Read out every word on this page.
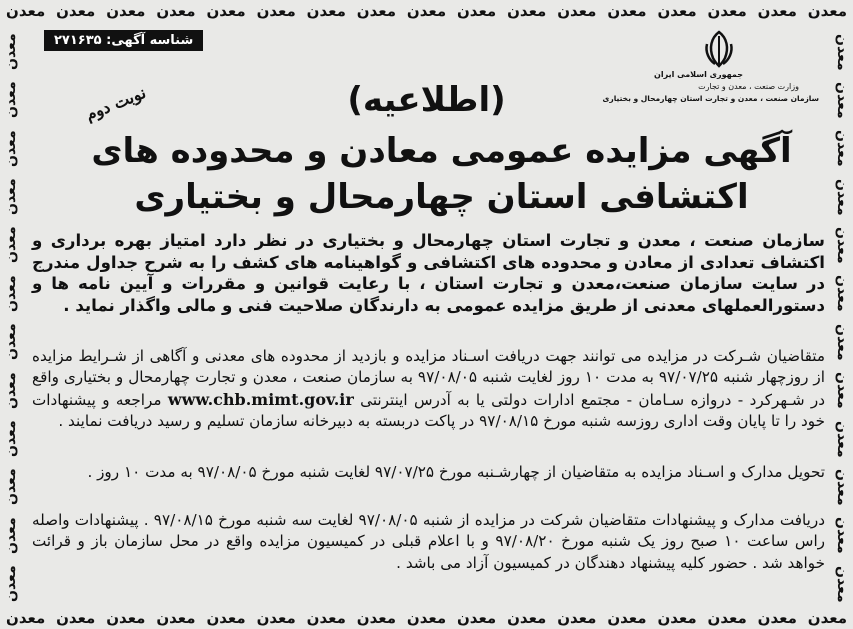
معدن
معدن
معدن
معدن
معدن
معدن
معدن
معدن
معدن
معدن
معدن
معدن
معدن
معدن
معدن
معدن
معدن
معدن
معدن
معدن
معدن
معدن
معدن
معدن
معدن
معدن
معدن
معدن
معدن
معدن
معدن
معدن
معدن
معدن
معدن
معدن
معدن
معدن
معدن
معدن
معدن
معدن
معدن
معدن
معدن
معدن
معدن
معدن
معدن
معدن
معدن
معدن
معدن
معدن
معدن
معدن
معدن
معدن
جمهوری اسلامی ایران
وزارت صنعت ، معدن و تجارت
سازمان صنعت ، معدن و تجارت استان چهارمحال و بختیاری
شناسه آگهی: ۲۷۱۶۳۵
نوبت دوم	(اطلاعیه)
آگهی مزایده عمومی معادن و محدوده های
اکتشافی استان چهارمحال و بختیاری
سازمان صنعت ، معدن و تجارت استان چهارمحال و بختیاری در نظر دارد امتیاز بهره برداری و اکتشاف تعدادی از معادن و محدوده های اکتشافی و گواهینامه های کشف را به شرح جداول مندرج در سایت سازمان صنعت،معدن و تجارت استان ، با رعایت قوانین و مقررات و آیین نامه ها و دستورالعملهای معدنی از طریق مزایده عمومی به دارندگان صلاحیت فنی و مالی واگذار نماید .
متقاضیان شـرکت در مزایده می توانند جهت دریافت اسـناد مزایده و بازدید از محدوده های معدنی و آگاهی از شـرایط مزایده از روزچهار شنبه ۹۷/۰۷/۲۵ به مدت ۱۰ روز لغایت شنبه ۹۷/۰۸/۰۵ به سازمان صنعت ، معدن و تجارت چهارمحال و بختیاری واقع در شـهرکرد - دروازه سـامان - مجتمع ادارات دولتی یا به آدرس اینترنتی www.chb.mimt.gov.ir مراجعه و پیشنهادات خود را تا پایان وقت اداری روزسه شنبه مورخ ۹۷/۰۸/۱۵ در پاکت دربسته به دبیرخانه سازمان تسلیم و رسید دریافت نمایند .
تحویل مدارک و اسـناد مزایده به متقاضیان از چهارشـنبه مورخ ۹۷/۰۷/۲۵ لغایت شنبه مورخ ۹۷/۰۸/۰۵ به مدت ۱۰ روز .
دریافت مدارک و پیشنهادات متقاضیان شرکت در مزایده از شنبه ۹۷/۰۸/۰۵ لغایت سه شنبه مورخ ۹۷/۰۸/۱۵ . پیشنهادات واصله راس ساعت ۱۰ صبح روز یک شنبه مورخ ۹۷/۰۸/۲۰ و با اعلام قبلی در کمیسیون مزایده واقع در محل سازمان باز و قرائت خواهد شد . حضور کلیه پیشنهاد دهندگان در کمیسیون آزاد می باشد .
